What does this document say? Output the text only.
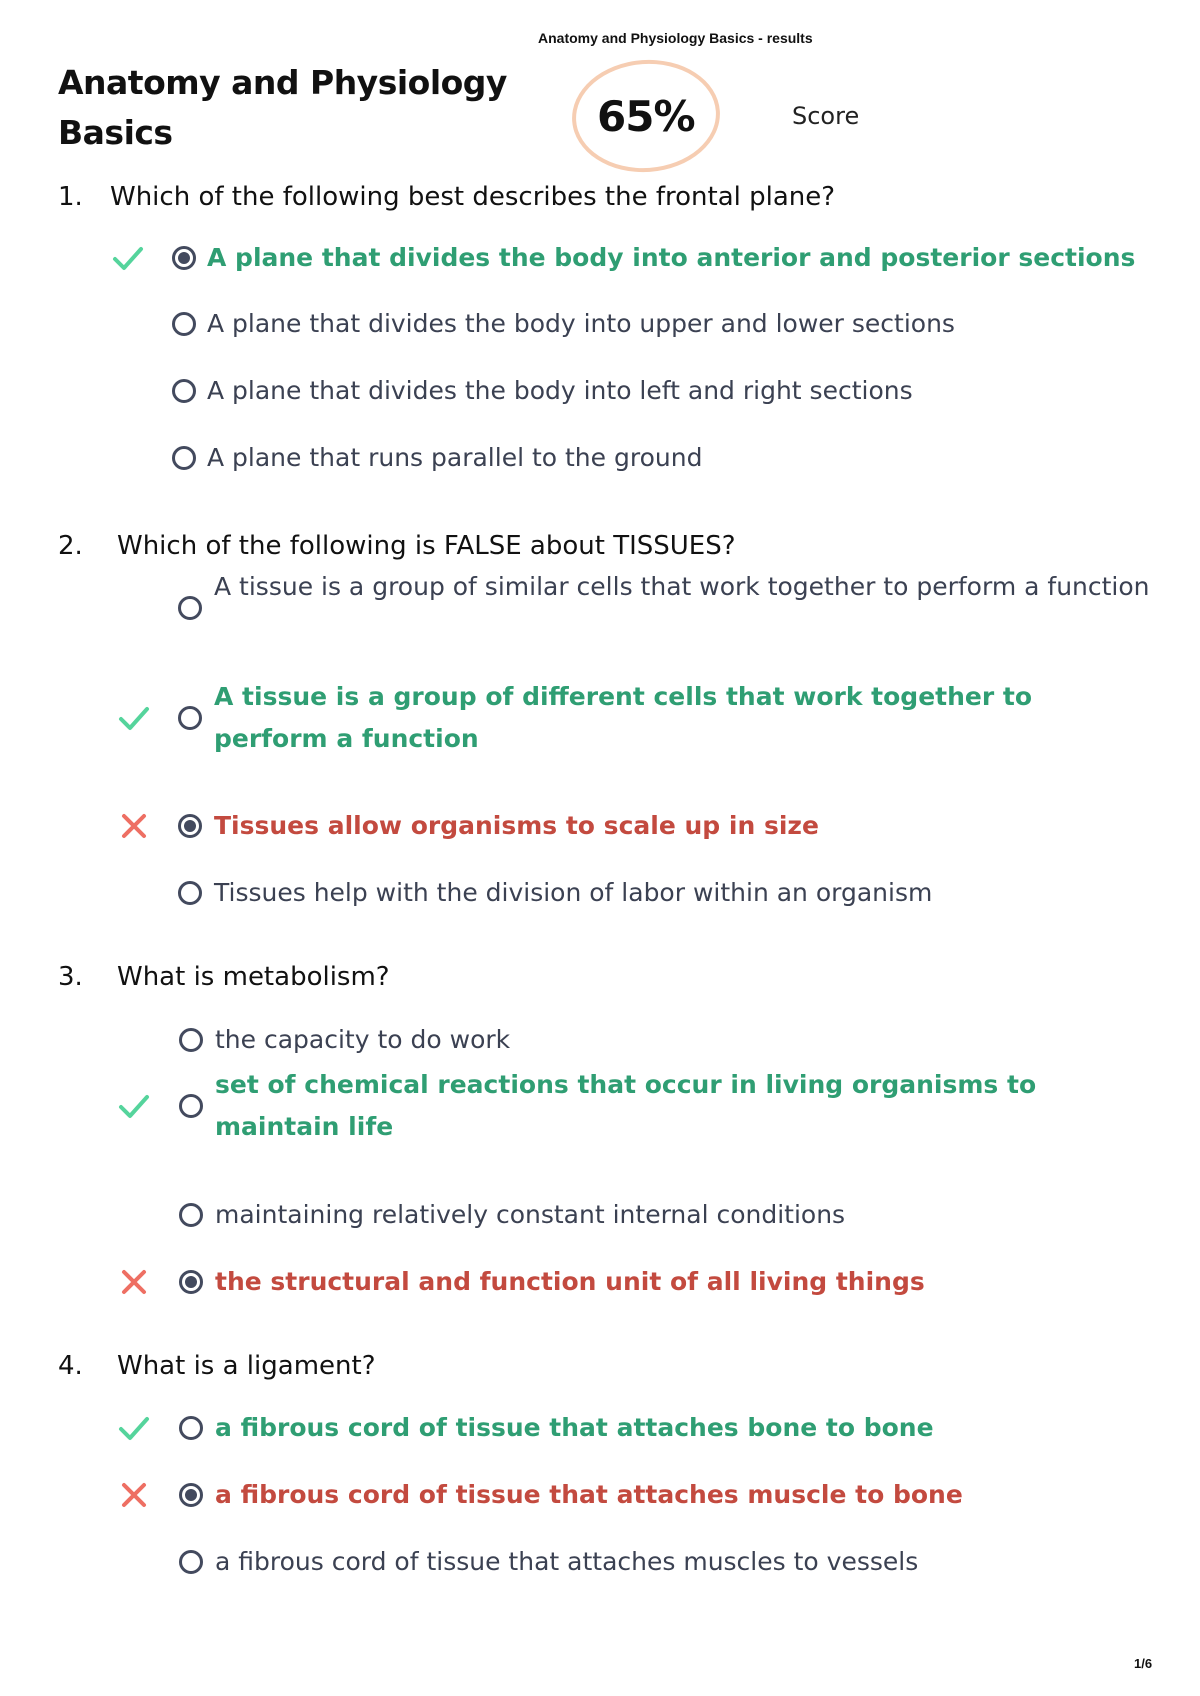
Anatomy and Physiology Basics - results
Anatomy and Physiology Basics	65%	Score
1. Which of the following best describes the frontal plane?
A plane that divides the body into anterior and posterior sections
A plane that divides the body into upper and lower sections
A plane that divides the body into left and right sections
A plane that runs parallel to the ground
2. Which of the following is FALSE about TISSUES?
A tissue is a group of similar cells that work together to perform a function
A tissue is a group of different cells that work together to perform a function
Tissues allow organisms to scale up in size
Tissues help with the division of labor within an organism
3. What is metabolism?
the capacity to do work
set of chemical reactions that occur in living organisms to maintain life
maintaining relatively constant internal conditions
the structural and function unit of all living things
4. What is a ligament?
a fibrous cord of tissue that attaches bone to bone
a fibrous cord of tissue that attaches muscle to bone
a fibrous cord of tissue that attaches muscles to vessels
1/6
